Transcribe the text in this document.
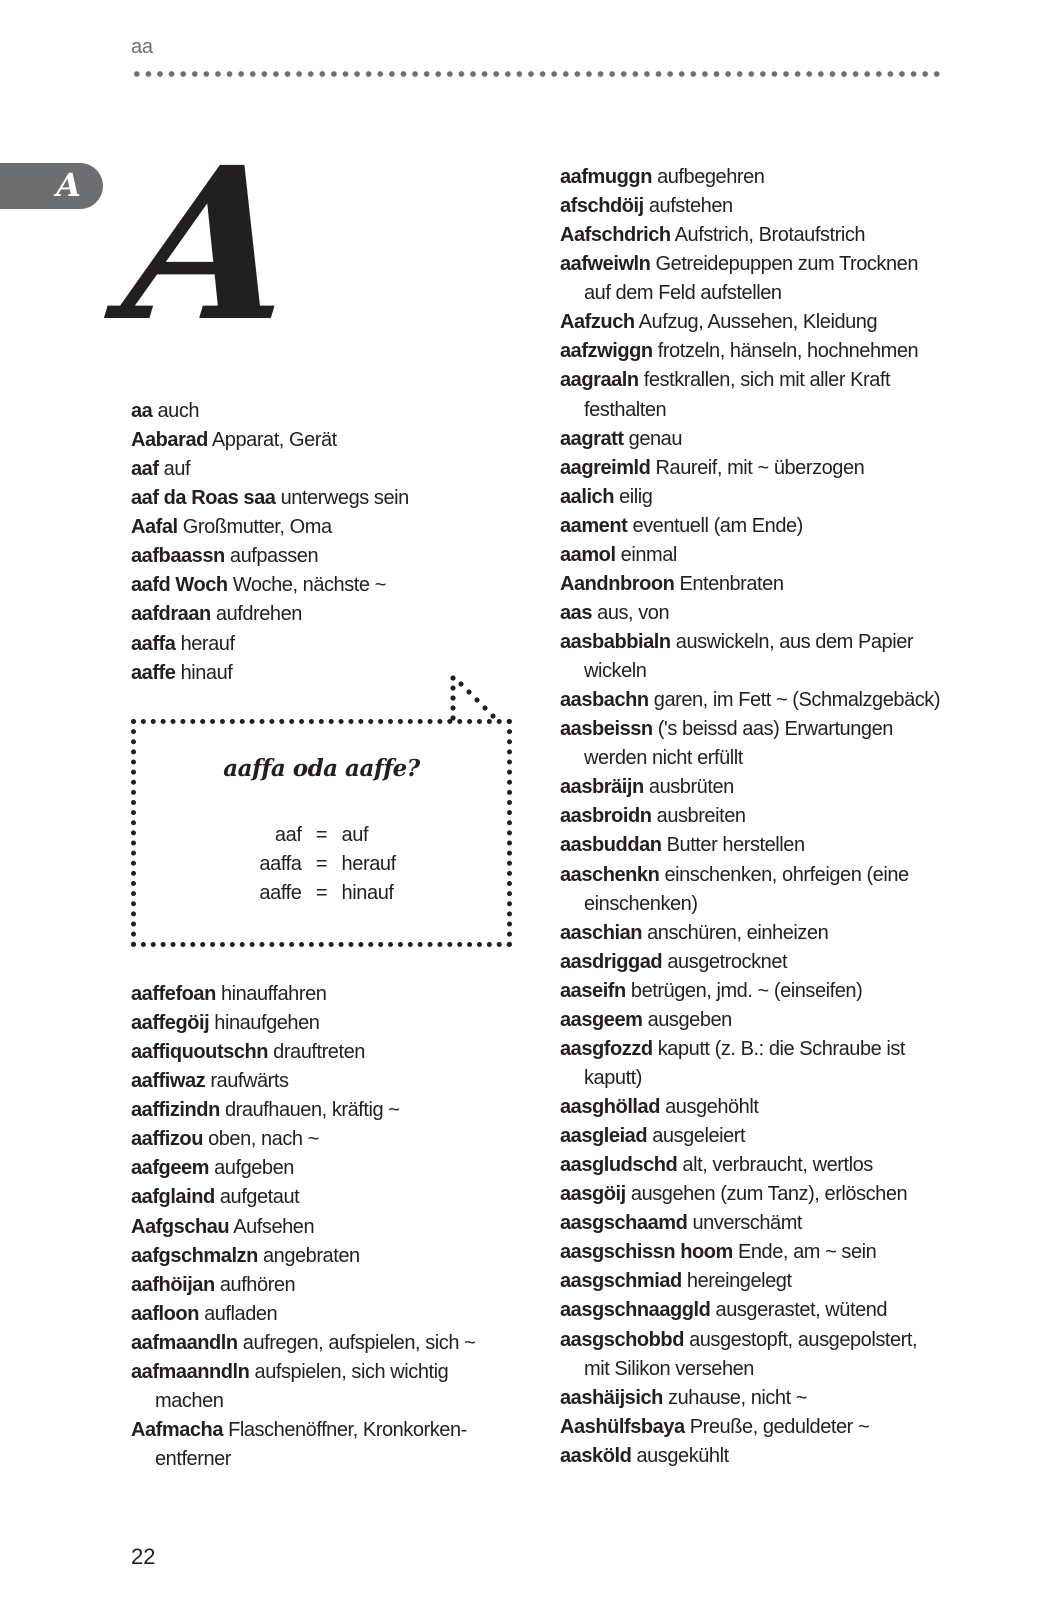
aa
A A
aa auch
Aabarad Apparat, Gerät
aaf auf
aaf da Roas saa unterwegs sein
Aafal Großmutter, Oma
aafbaassn aufpassen
aafd Woch Woche, nächste ~
aafdraan aufdrehen
aaffa herauf
aaffe hinauf
aaffa oda aaffe?
aaf = auf
aaffa = herauf
aaffe = hinauf
aaffefoan hinauffahren
aaffegöij hinaufgehen
aaffiquoutschn drauftreten
aaffiwaz raufwärts
aaffizindn draufhauen, kräftig ~
aaffizou oben, nach ~
aafgeem aufgeben
aafglaind aufgetaut
Aafgschau Aufsehen
aafgschmalzn angebraten
aafhöijan aufhören
aafloon aufladen
aafmaandln aufregen, aufspielen, sich ~
aafmaanndln aufspielen, sich wichtig
machen
Aafmacha Flaschenöffner, Kronkorken-
entferner
aafmuggn aufbegehren
afschdöij aufstehen
Aafschdrich Aufstrich, Brotaufstrich
aafweiwln Getreidepuppen zum Trocknen
auf dem Feld aufstellen
Aafzuch Aufzug, Aussehen, Kleidung
aafzwiggn frotzeln, hänseln, hochnehmen
aagraaln festkrallen, sich mit aller Kraft
festhalten
aagratt genau
aagreimld Raureif, mit ~ überzogen
aalich eilig
aament eventuell (am Ende)
aamol einmal
Aandnbroon Entenbraten
aas aus, von
aasbabbialn auswickeln, aus dem Papier
wickeln
aasbachn garen, im Fett ~ (Schmalzgebäck)
aasbeissn ('s beissd aas) Erwartungen
werden nicht erfüllt
aasbräijn ausbrüten
aasbroidn ausbreiten
aasbuddan Butter herstellen
aaschenkn einschenken, ohrfeigen (eine
einschenken)
aaschian anschüren, einheizen
aasdriggad ausgetrocknet
aaseifn betrügen, jmd. ~ (einseifen)
aasgeem ausgeben
aasgfozzd kaputt (z. B.: die Schraube ist
kaputt)
aasghöllad ausgehöhlt
aasgleiad ausgeleiert
aasgludschd alt, verbraucht, wertlos
aasgöij ausgehen (zum Tanz), erlöschen
aasgschaamd unverschämt
aasgschissn hoom Ende, am ~ sein
aasgschmiad hereingelegt
aasgschnaaggld ausgerastet, wütend
aasgschobbd ausgestopft, ausgepolstert,
mit Silikon versehen
aashäijsich zuhause, nicht ~
Aashülfsbaya Preuße, geduldeter ~
aasköld ausgekühlt
22
